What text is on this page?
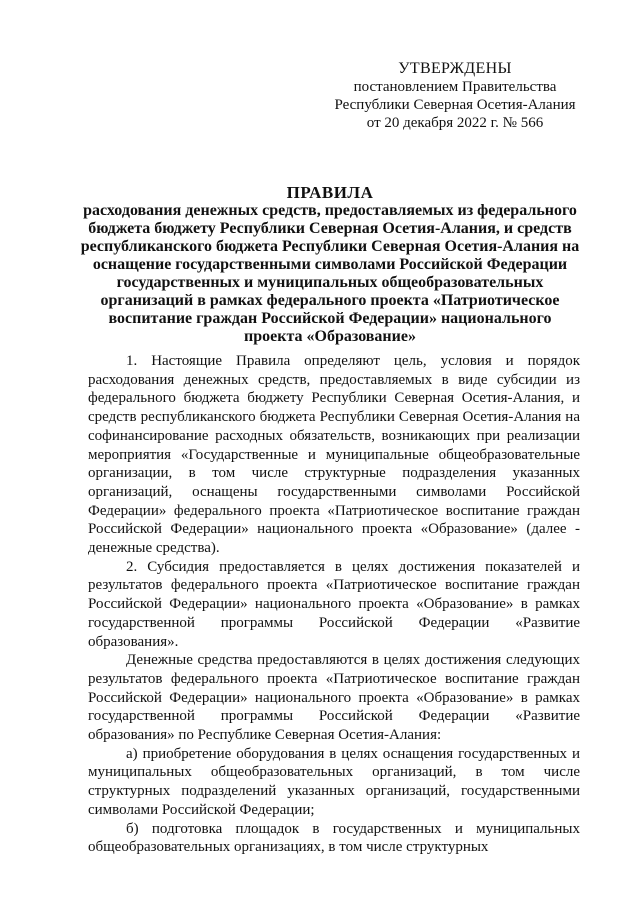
УТВЕРЖДЕНЫ
постановлением Правительства
Республики Северная Осетия-Алания
от 20 декабря 2022 г. № 566
ПРАВИЛА

расходования денежных средств, предоставляемых из федерального бюджета бюджету Республики Северная Осетия-Алания, и средств республиканского бюджета Республики Северная Осетия-Алания на оснащение государственными символами Российской Федерации государственных и муниципальных общеобразовательных организаций в рамках федерального проекта «Патриотическое воспитание граждан Российской Федерации» национального проекта «Образование»

1. Настоящие Правила определяют цель, условия и порядок расходования денежных средств, предоставляемых в виде субсидии из федерального бюджета бюджету Республики Северная Осетия-Алания, и средств республиканского бюджета Республики Северная Осетия-Алания на софинансирование расходных обязательств, возникающих при реализации мероприятия «Государственные и муниципальные общеобразовательные организации, в том числе структурные подразделения указанных организаций, оснащены государственными символами Российской Федерации» федерального проекта «Патриотическое воспитание граждан Российской Федерации» национального проекта «Образование» (далее - денежные средства).

2. Субсидия предоставляется в целях достижения показателей и результатов федерального проекта «Патриотическое воспитание граждан Российской Федерации» национального проекта «Образование» в рамках государственной программы Российской Федерации «Развитие образования».

Денежные средства предоставляются в целях достижения следующих результатов федерального проекта «Патриотическое воспитание граждан Российской Федерации» национального проекта «Образование» в рамках государственной программы Российской Федерации «Развитие образования» по Республике Северная Осетия-Алания:

а) приобретение оборудования в целях оснащения государственных и муниципальных общеобразовательных организаций, в том числе структурных подразделений указанных организаций, государственными символами Российской Федерации;

б) подготовка площадок в государственных и муниципальных общеобразовательных организациях, в том числе структурных
